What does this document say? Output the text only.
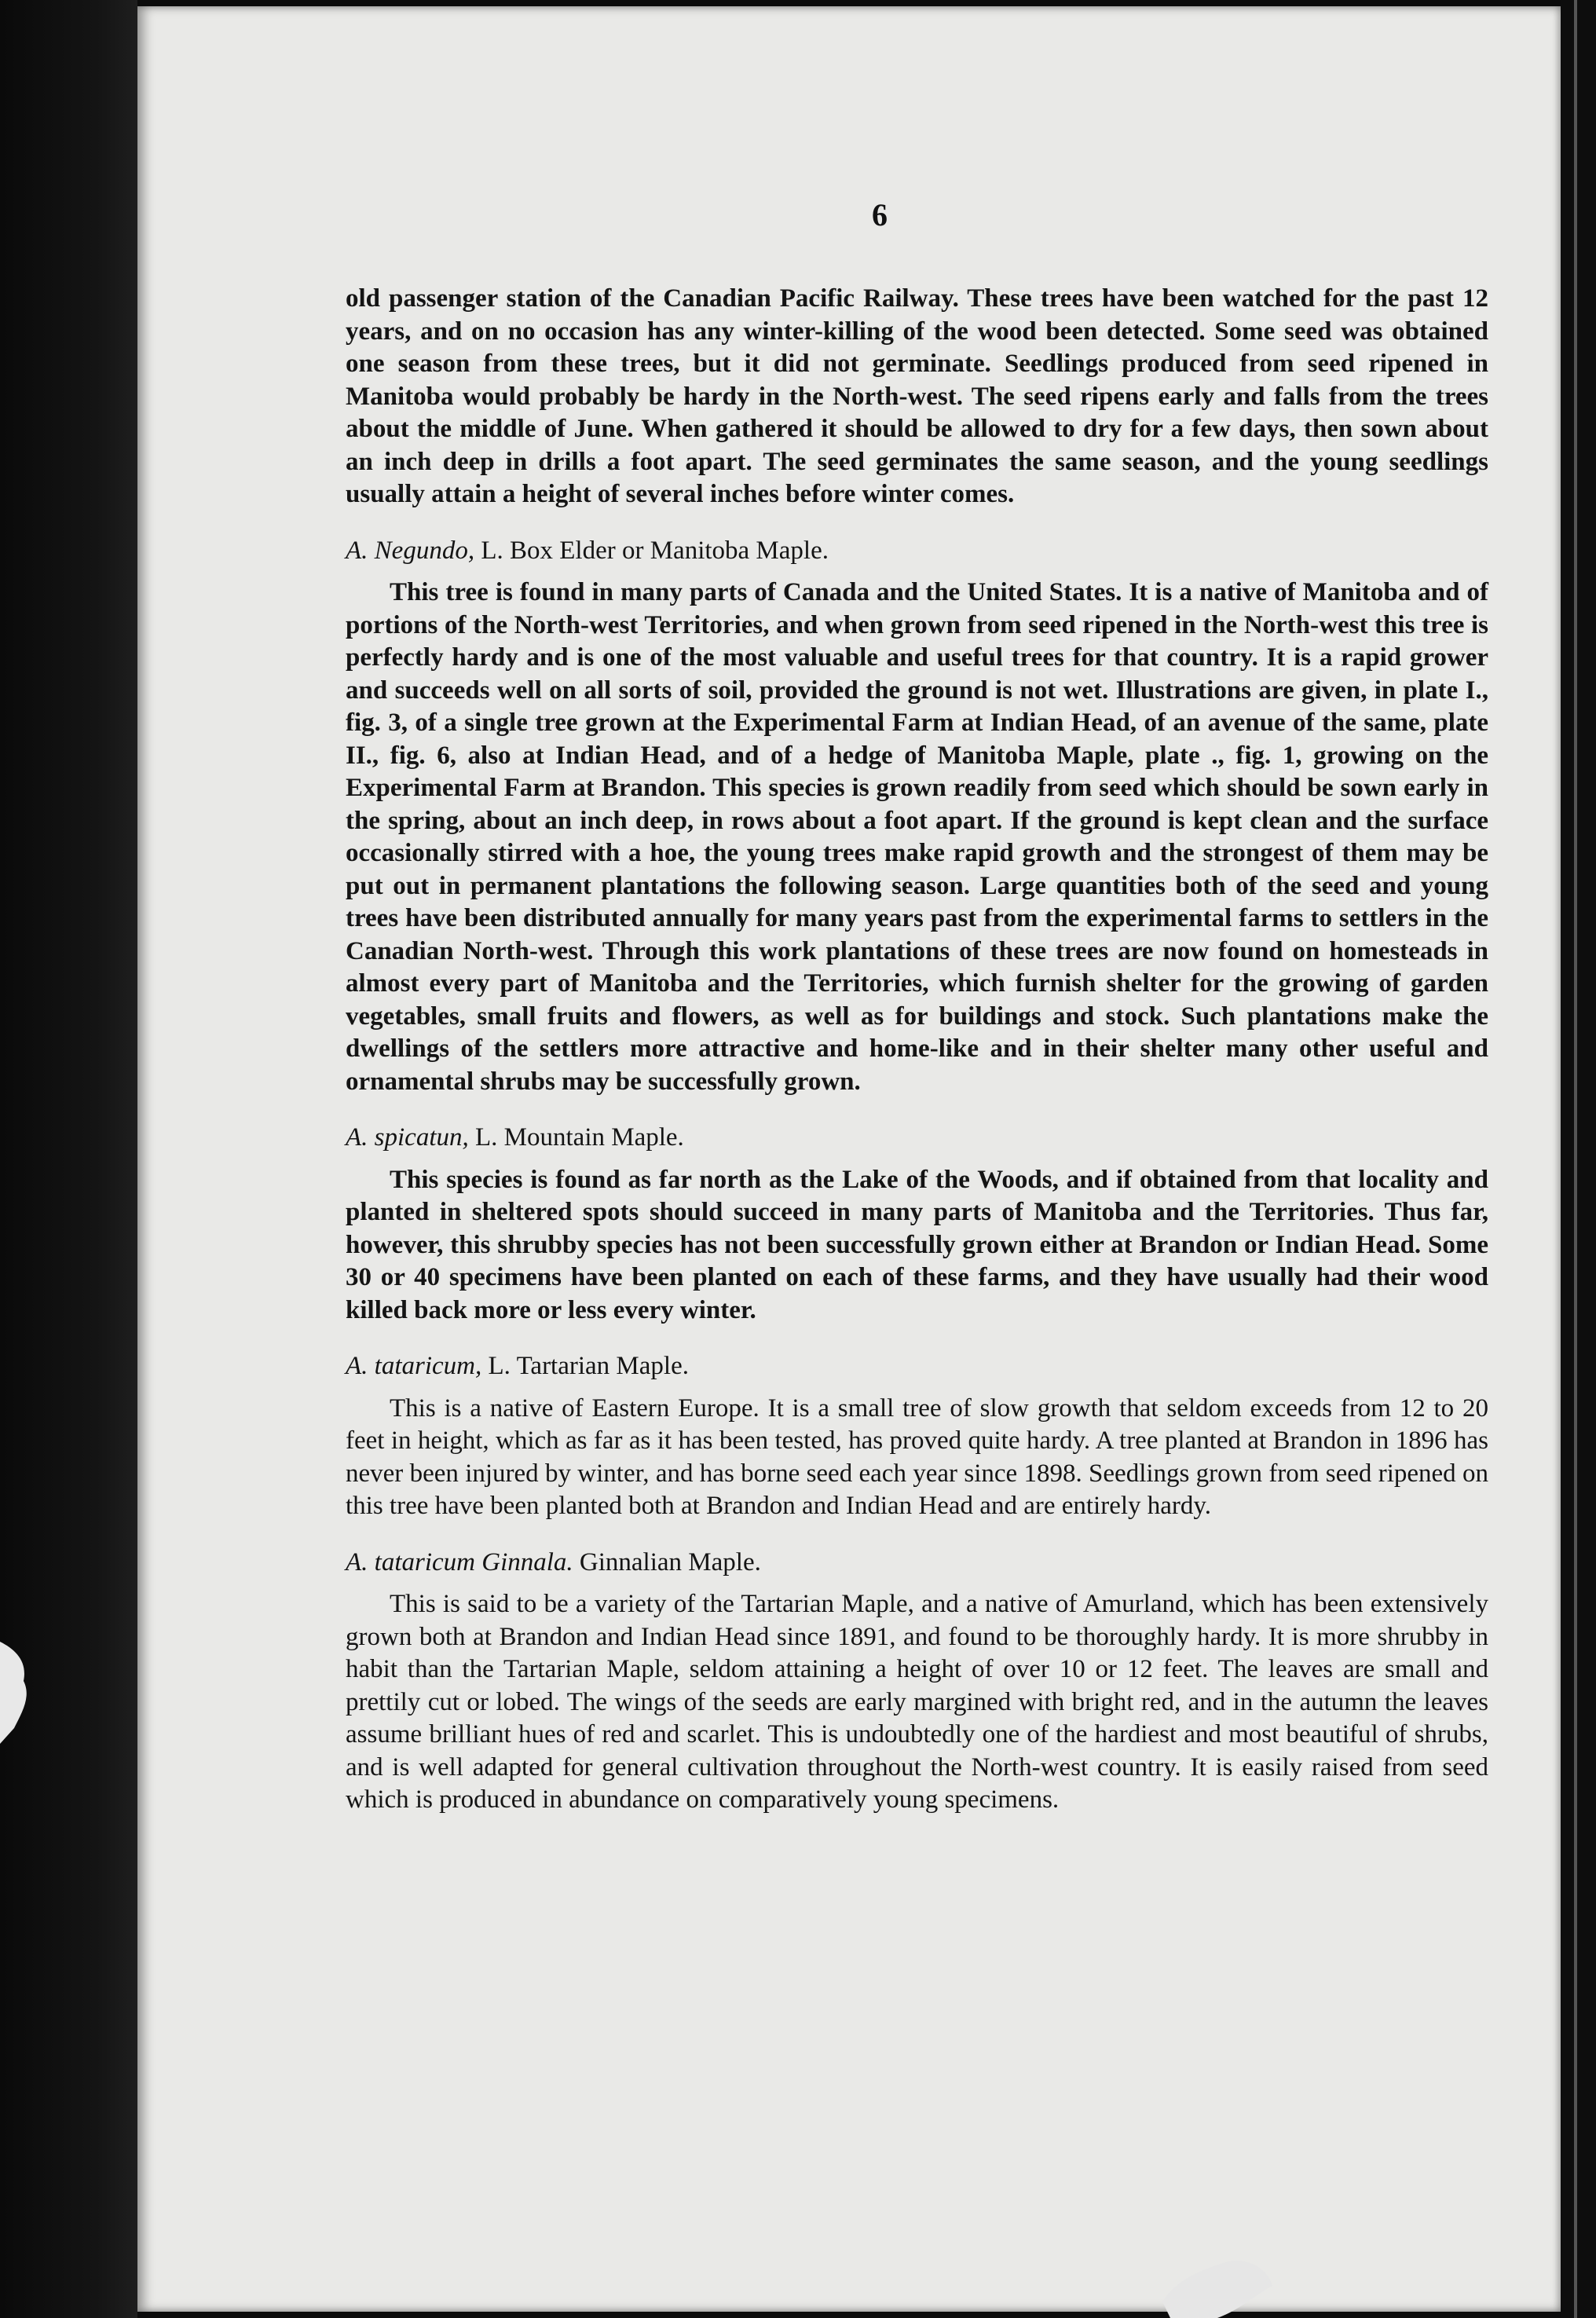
6

old passenger station of the Canadian Pacific Railway. These trees have been watched for the past 12 years, and on no occasion has any winter-killing of the wood been detected. Some seed was obtained one season from these trees, but it did not germinate. Seedlings produced from seed ripened in Manitoba would probably be hardy in the North-west. The seed ripens early and falls from the trees about the middle of June. When gathered it should be allowed to dry for a few days, then sown about an inch deep in drills a foot apart. The seed germinates the same season, and the young seedlings usually attain a height of several inches before winter comes.

A. Negundo, L. Box Elder or Manitoba Maple.

This tree is found in many parts of Canada and the United States. It is a native of Manitoba and of portions of the North-west Territories, and when grown from seed ripened in the North-west this tree is perfectly hardy and is one of the most valuable and useful trees for that country. It is a rapid grower and succeeds well on all sorts of soil, provided the ground is not wet. Illustrations are given, in plate I., fig. 3, of a single tree grown at the Experimental Farm at Indian Head, of an avenue of the same, plate II., fig. 6, also at Indian Head, and of a hedge of Manitoba Maple, plate ., fig. 1, growing on the Experimental Farm at Brandon. This species is grown readily from seed which should be sown early in the spring, about an inch deep, in rows about a foot apart. If the ground is kept clean and the surface occasionally stirred with a hoe, the young trees make rapid growth and the strongest of them may be put out in permanent plantations the following season. Large quantities both of the seed and young trees have been distributed annually for many years past from the experimental farms to settlers in the Canadian North-west. Through this work plantations of these trees are now found on homesteads in almost every part of Manitoba and the Territories, which furnish shelter for the growing of garden vegetables, small fruits and flowers, as well as for buildings and stock. Such plantations make the dwellings of the settlers more attractive and home-like and in their shelter many other useful and ornamental shrubs may be successfully grown.

A. spicatun, L. Mountain Maple.

This species is found as far north as the Lake of the Woods, and if obtained from that locality and planted in sheltered spots should succeed in many parts of Manitoba and the Territories. Thus far, however, this shrubby species has not been successfully grown either at Brandon or Indian Head. Some 30 or 40 specimens have been planted on each of these farms, and they have usually had their wood killed back more or less every winter.

A. tataricum, L. Tartarian Maple.

This is a native of Eastern Europe. It is a small tree of slow growth that seldom exceeds from 12 to 20 feet in height, which as far as it has been tested, has proved quite hardy. A tree planted at Brandon in 1896 has never been injured by winter, and has borne seed each year since 1898. Seedlings grown from seed ripened on this tree have been planted both at Brandon and Indian Head and are entirely hardy.

A. tataricum Ginnala. Ginnalian Maple.

This is said to be a variety of the Tartarian Maple, and a native of Amurland, which has been extensively grown both at Brandon and Indian Head since 1891, and found to be thoroughly hardy. It is more shrubby in habit than the Tartarian Maple, seldom attaining a height of over 10 or 12 feet. The leaves are small and prettily cut or lobed. The wings of the seeds are early margined with bright red, and in the autumn the leaves assume brilliant hues of red and scarlet. This is undoubtedly one of the hardiest and most beautiful of shrubs, and is well adapted for general cultivation throughout the North-west country. It is easily raised from seed which is produced in abundance on comparatively young specimens.
